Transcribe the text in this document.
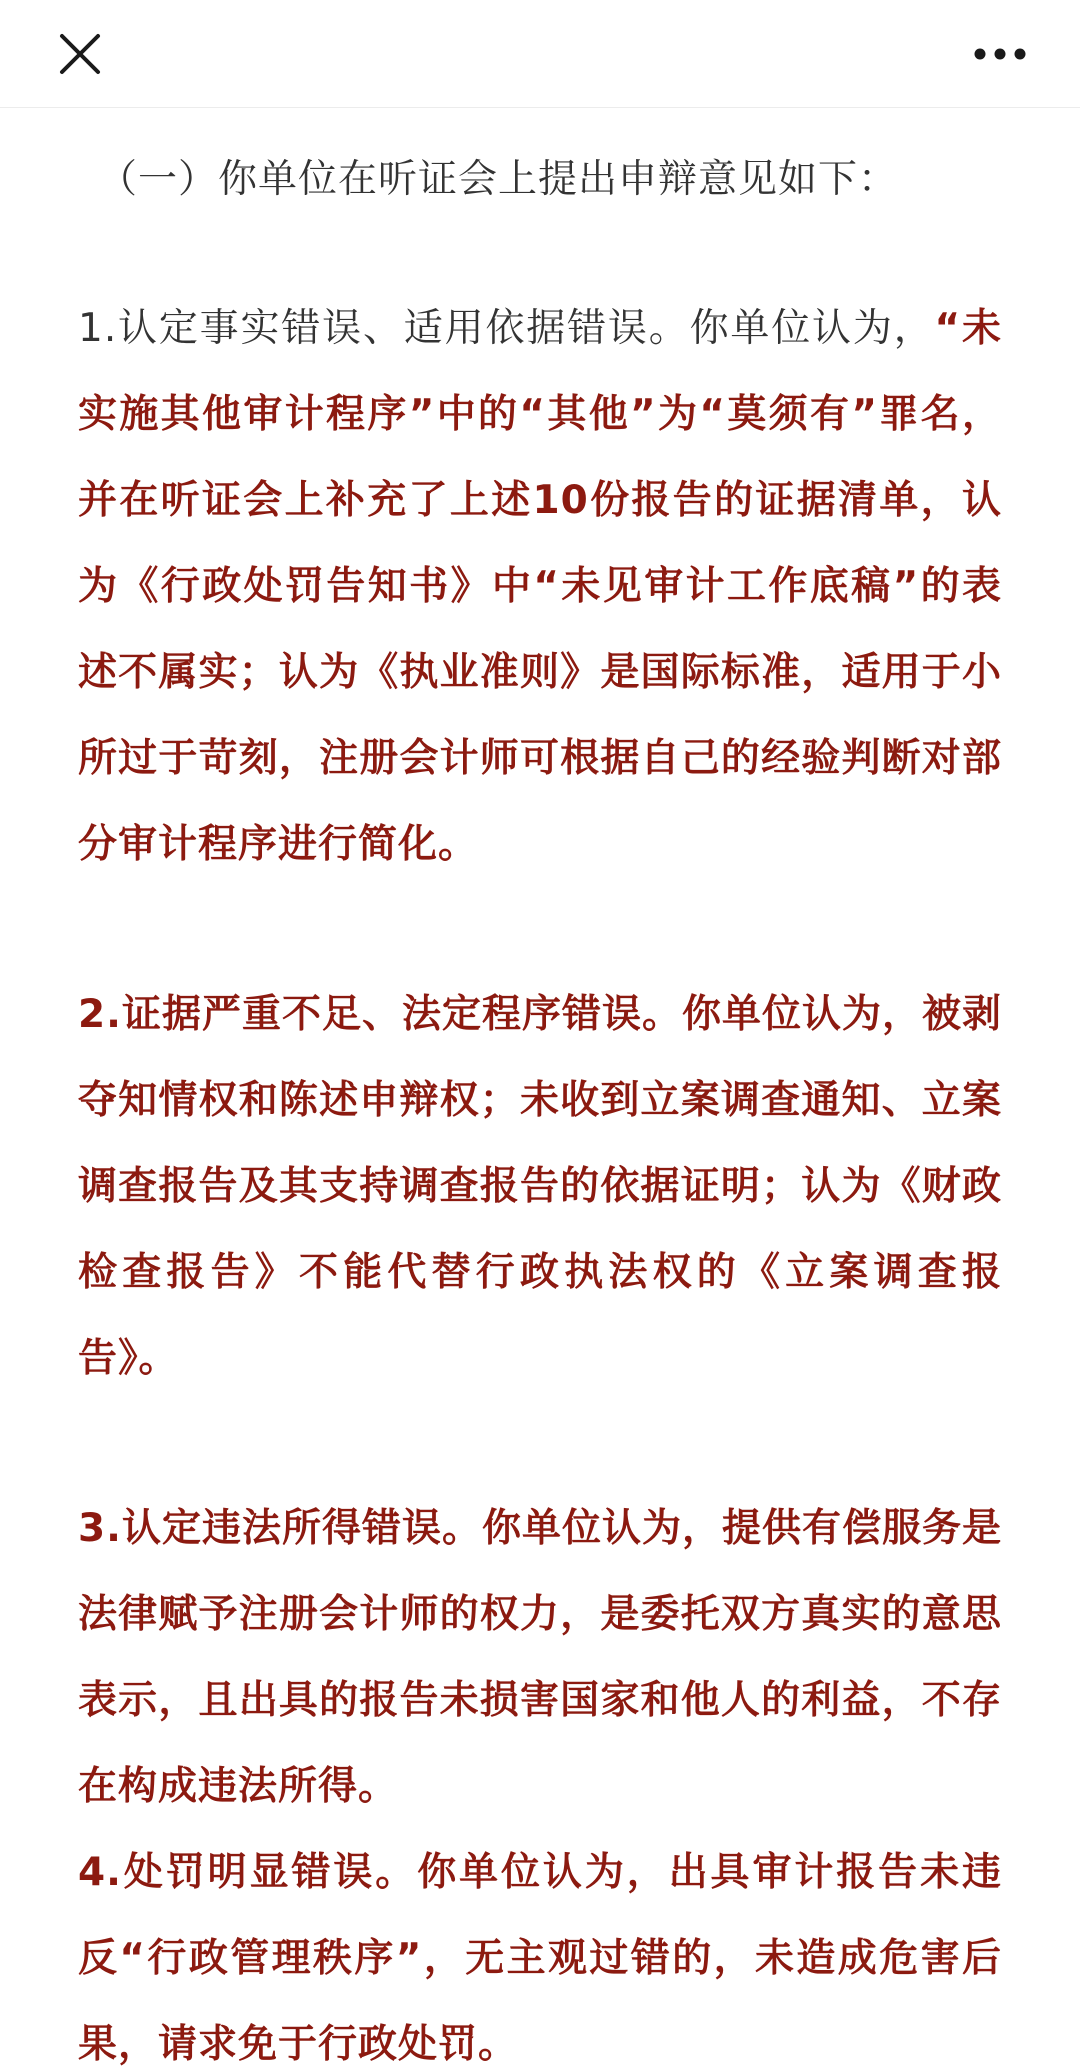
（一）你单位在听证会上提出申辩意见如下：

1.认定事实错误、适用依据错误。你单位认为，“未实施其他审计程序”中的“其他”为“莫须有”罪名，并在听证会上补充了上述10份报告的证据清单，认为《行政处罚告知书》中“未见审计工作底稿”的表述不属实；认为《执业准则》是国际标准，适用于小所过于苛刻，注册会计师可根据自己的经验判断对部分审计程序进行简化。

2.证据严重不足、法定程序错误。你单位认为，被剥夺知情权和陈述申辩权；未收到立案调查通知、立案调查报告及其支持调查报告的依据证明；认为《财政检查报告》不能代替行政执法权的《立案调查报告》。

3.认定违法所得错误。你单位认为，提供有偿服务是法律赋予注册会计师的权力，是委托双方真实的意思表示，且出具的报告未损害国家和他人的利益，不存在构成违法所得。

4.处罚明显错误。你单位认为，出具审计报告未违反“行政管理秩序”，无主观过错的，未造成危害后果，请求免于行政处罚。
